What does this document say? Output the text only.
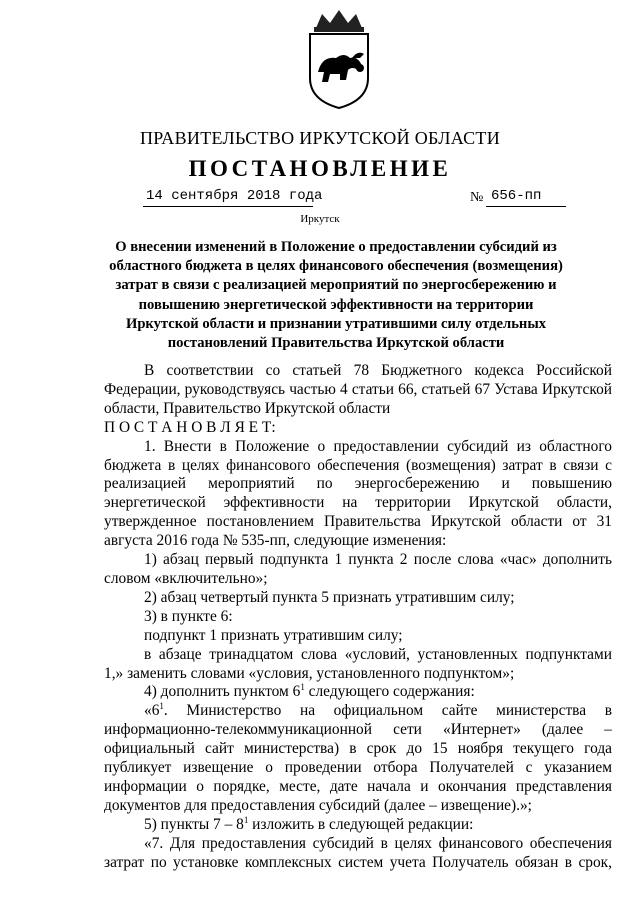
ПРАВИТЕЛЬСТВО ИРКУТСКОЙ ОБЛАСТИ
ПОСТАНОВЛЕНИЕ
14 сентября 2018 года	№ 656-пп
Иркутск
О внесении изменений в Положение о предоставлении субсидий из областного бюджета в целях финансового обеспечения (возмещения) затрат в связи с реализацией мероприятий по энергосбережению и повышению энергетической эффективности на территории Иркутской области и признании утратившими силу отдельных постановлений Правительства Иркутской области

В соответствии со статьей 78 Бюджетного кодекса Российской Федерации, руководствуясь частью 4 статьи 66, статьей 67 Устава Иркутской области, Правительство Иркутской области

П О С Т А Н О В Л Я Е Т:

1. Внести в Положение о предоставлении субсидий из областного бюджета в целях финансового обеспечения (возмещения) затрат в связи с реализацией мероприятий по энергосбережению и повышению энергетической эффективности на территории Иркутской области, утвержденное постановлением Правительства Иркутской области от 31 августа 2016 года № 535-пп, следующие изменения:

1) абзац первый подпункта 1 пункта 2 после слова «час» дополнить словом «включительно»;

2) абзац четвертый пункта 5 признать утратившим силу;

3) в пункте 6:

подпункт 1 признать утратившим силу;

в абзаце тринадцатом слова «условий, установленных подпунктами 1,» заменить словами «условия, установленного подпунктом»;

4) дополнить пунктом $6^1$ следующего содержания:

«$6^1$. Министерство на официальном сайте министерства в информационно-телекоммуникационной сети «Интернет» (далее – официальный сайт министерства) в срок до 15 ноября текущего года публикует извещение о проведении отбора Получателей с указанием информации о порядке, месте, дате начала и окончания представления документов для предоставления субсидий (далее – извещение).»;

5) пункты $7 - 8^1$ изложить в следующей редакции:

«7. Для предоставления субсидий в целях финансового обеспечения затрат по установке комплексных систем учета Получатель обязан в срок,
